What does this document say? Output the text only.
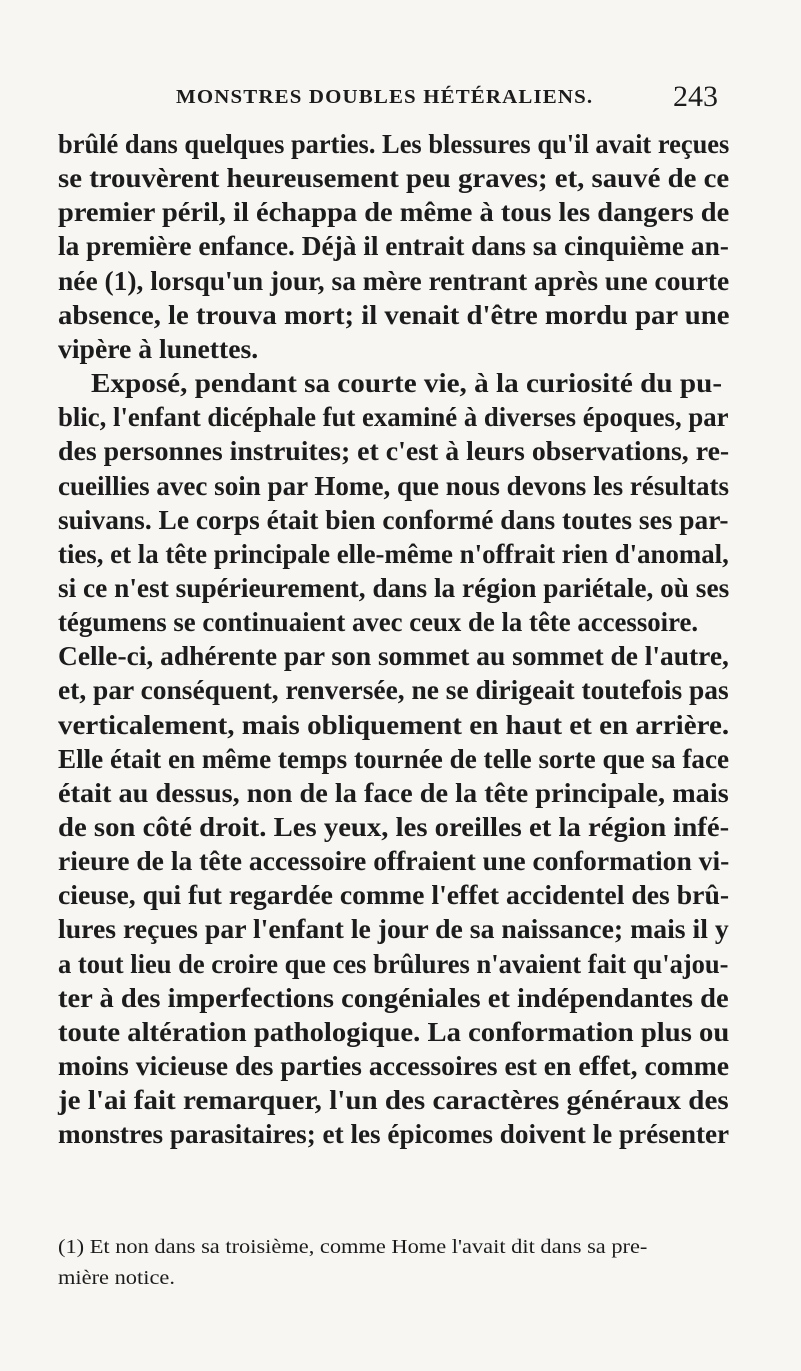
MONSTRES DOUBLES HÉTÉRALIENS.	243
brûlé dans quelques parties. Les blessures qu'il avait reçues
se trouvèrent heureusement peu graves; et, sauvé de ce
premier péril, il échappa de même à tous les dangers de
la première enfance. Déjà il entrait dans sa cinquième an-
née (1), lorsqu'un jour, sa mère rentrant après une courte
absence, le trouva mort; il venait d'être mordu par une
vipère à lunettes.
Exposé, pendant sa courte vie, à la curiosité du pu-
blic, l'enfant dicéphale fut examiné à diverses époques, par
des personnes instruites; et c'est à leurs observations, re-
cueillies avec soin par Home, que nous devons les résultats
suivans. Le corps était bien conformé dans toutes ses par-
ties, et la tête principale elle-même n'offrait rien d'anomal,
si ce n'est supérieurement, dans la région pariétale, où ses
tégumens se continuaient avec ceux de la tête accessoire.
Celle-ci, adhérente par son sommet au sommet de l'autre,
et, par conséquent, renversée, ne se dirigeait toutefois pas
verticalement, mais obliquement en haut et en arrière.
Elle était en même temps tournée de telle sorte que sa face
était au dessus, non de la face de la tête principale, mais
de son côté droit. Les yeux, les oreilles et la région infé-
rieure de la tête accessoire offraient une conformation vi-
cieuse, qui fut regardée comme l'effet accidentel des brû-
lures reçues par l'enfant le jour de sa naissance; mais il y
a tout lieu de croire que ces brûlures n'avaient fait qu'ajou-
ter à des imperfections congéniales et indépendantes de
toute altération pathologique. La conformation plus ou
moins vicieuse des parties accessoires est en effet, comme
je l'ai fait remarquer, l'un des caractères généraux des
monstres parasitaires; et les épicomes doivent le présenter
(1) Et non dans sa troisième, comme Home l'avait dit dans sa pre-
mière notice.
